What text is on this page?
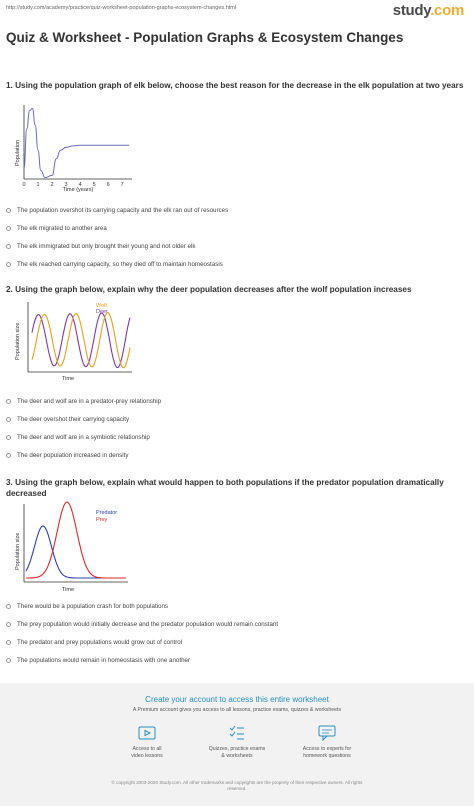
http://study.com/academy/practice/quiz-worksheet-population-graphs-ecosystem-changes.html	study.com
Quiz & Worksheet - Population Graphs & Ecosystem Changes
1. Using the population graph of elk below, choose the best reason for the decrease in the elk population at two years
Population
0 1 2 3 4 5 6 7
Time (years)
The population overshot its carrying capacity and the elk ran out of resources
The elk migrated to another area
The elk immigrated but only brought their young and not older elk
The elk reached carrying capacity, so they died off to maintain homeostasis
2. Using the graph below, explain why the deer population decreases after the wolf population increases
Population size
Time
Wolf
Deer
The deer and wolf are in a predator-prey relationship
The deer overshot their carrying capacity
The deer and wolf are in a symbiotic relationship
The deer population increased in density
3. Using the graph below, explain what would happen to both populations if the predator population dramatically decreased
Population size
Time
Predator
Prey
There would be a population crash for both populations
The prey population would initially decrease and the predator population would remain constant
The predator and prey populations would grow out of control
The populations would remain in homeostasis with one another
Create your account to access this entire worksheet
A Premium account gives you access to all lessons, practice exams, quizzes & worksheets
Access to all
video lessons
Quizzes, practice exams
& worksheets
Access to experts for
homework questions
© copyright 2003-2020 Study.com. All other trademarks and copyrights are the property of their respective owners. All rights
reserved.
